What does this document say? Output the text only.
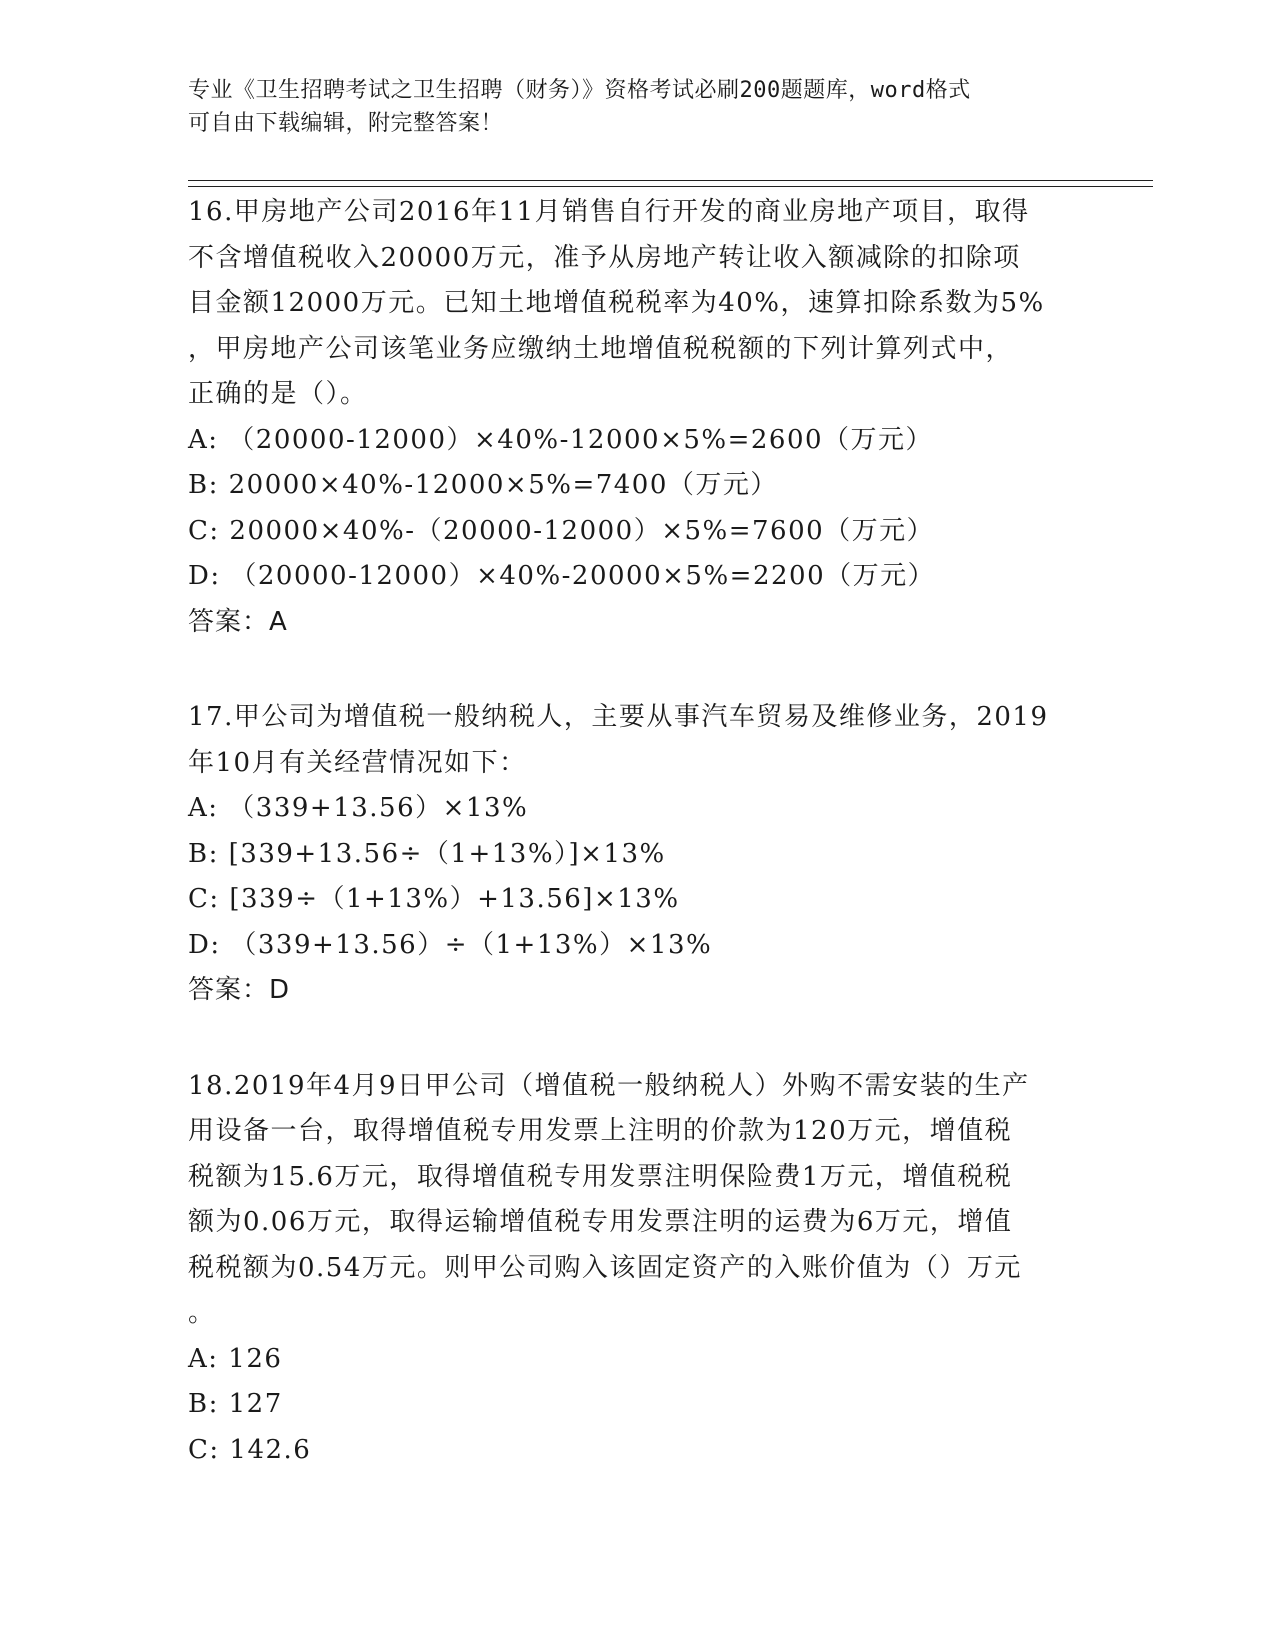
专业《卫生招聘考试之卫生招聘（财务）》资格考试必刷200题题库，word格式
可自由下载编辑，附完整答案！
16.甲房地产公司2016年11月销售自行开发的商业房地产项目，取得
不含增值税收入20000万元，准予从房地产转让收入额减除的扣除项
目金额12000万元。已知土地增值税税率为40%，速算扣除系数为5%
，甲房地产公司该笔业务应缴纳土地增值税税额的下列计算列式中，
正确的是（）。
A: （20000-12000）×40%-12000×5%=2600（万元）
B: 20000×40%-12000×5%=7400（万元）
C: 20000×40%-（20000-12000）×5%=7600（万元）
D: （20000-12000）×40%-20000×5%=2200（万元）
答案：A
17.甲公司为增值税一般纳税人，主要从事汽车贸易及维修业务，2019
年10月有关经营情况如下：
A: （339+13.56）×13%
B: [339+13.56÷（1+13%）]×13%
C: [339÷（1+13%）+13.56]×13%
D: （339+13.56）÷（1+13%）×13%
答案：D
18.2019年4月9日甲公司（增值税一般纳税人）外购不需安装的生产
用设备一台，取得增值税专用发票上注明的价款为120万元，增值税
税额为15.6万元，取得增值税专用发票注明保险费1万元，增值税税
额为0.06万元，取得运输增值税专用发票注明的运费为6万元，增值
税税额为0.54万元。则甲公司购入该固定资产的入账价值为（）万元
。
A: 126
B: 127
C: 142.6
